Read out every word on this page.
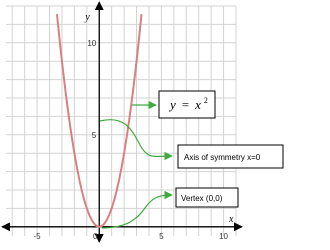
x
y
-5	0	5	10
5
10
y = x $^2$
Axis of symmetry x=0
Vertex (0,0)
